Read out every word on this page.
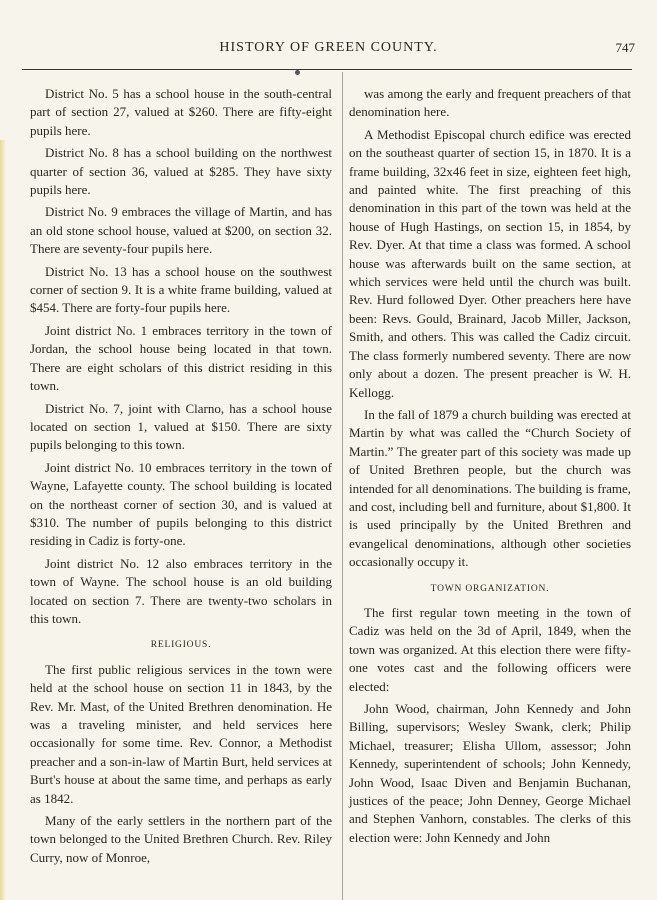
HISTORY OF GREEN COUNTY.	747

District No. 5 has a school house in the south-central part of section 27, valued at $260. There are fifty-eight pupils here.

District No. 8 has a school building on the northwest quarter of section 36, valued at $285. They have sixty pupils here.

District No. 9 embraces the village of Martin, and has an old stone school house, valued at $200, on section 32. There are seventy-four pupils here.

District No. 13 has a school house on the southwest corner of section 9. It is a white frame building, valued at $454. There are forty-four pupils here.

Joint district No. 1 embraces territory in the town of Jordan, the school house being located in that town. There are eight scholars of this district residing in this town.

District No. 7, joint with Clarno, has a school house located on section 1, valued at $150. There are sixty pupils belonging to this town.

Joint district No. 10 embraces territory in the town of Wayne, Lafayette county. The school building is located on the northeast corner of section 30, and is valued at $310. The number of pupils belonging to this district residing in Cadiz is forty-one.

Joint district No. 12 also embraces territory in the town of Wayne. The school house is an old building located on section 7. There are twenty-two scholars in this town.

RELIGIOUS.

The first public religious services in the town were held at the school house on section 11 in 1843, by the Rev. Mr. Mast, of the United Brethren denomination. He was a traveling minister, and held services here occasionally for some time. Rev. Connor, a Methodist preacher and a son-in-law of Martin Burt, held services at Burt's house at about the same time, and perhaps as early as 1842.

Many of the early settlers in the northern part of the town belonged to the United Brethren Church. Rev. Riley Curry, now of Monroe,

was among the early and frequent preachers of that denomination here.

A Methodist Episcopal church edifice was erected on the southeast quarter of section 15, in 1870. It is a frame building, 32x46 feet in size, eighteen feet high, and painted white. The first preaching of this denomination in this part of the town was held at the house of Hugh Hastings, on section 15, in 1854, by Rev. Dyer. At that time a class was formed. A school house was afterwards built on the same section, at which services were held until the church was built. Rev. Hurd followed Dyer. Other preachers here have been: Revs. Gould, Brainard, Jacob Miller, Jackson, Smith, and others. This was called the Cadiz circuit. The class formerly numbered seventy. There are now only about a dozen. The present preacher is W. H. Kellogg.

In the fall of 1879 a church building was erected at Martin by what was called the “Church Society of Martin.” The greater part of this society was made up of United Brethren people, but the church was intended for all denominations. The building is frame, and cost, including bell and furniture, about $1,800. It is used principally by the United Brethren and evangelical denominations, although other societies occasionally occupy it.

TOWN ORGANIZATION.

The first regular town meeting in the town of Cadiz was held on the 3d of April, 1849, when the town was organized. At this election there were fifty-one votes cast and the following officers were elected:

John Wood, chairman, John Kennedy and John Billing, supervisors; Wesley Swank, clerk; Philip Michael, treasurer; Elisha Ullom, assessor; John Kennedy, superintendent of schools; John Kennedy, John Wood, Isaac Diven and Benjamin Buchanan, justices of the peace; John Denney, George Michael and Stephen Vanhorn, constables. The clerks of this election were: John Kennedy and John
